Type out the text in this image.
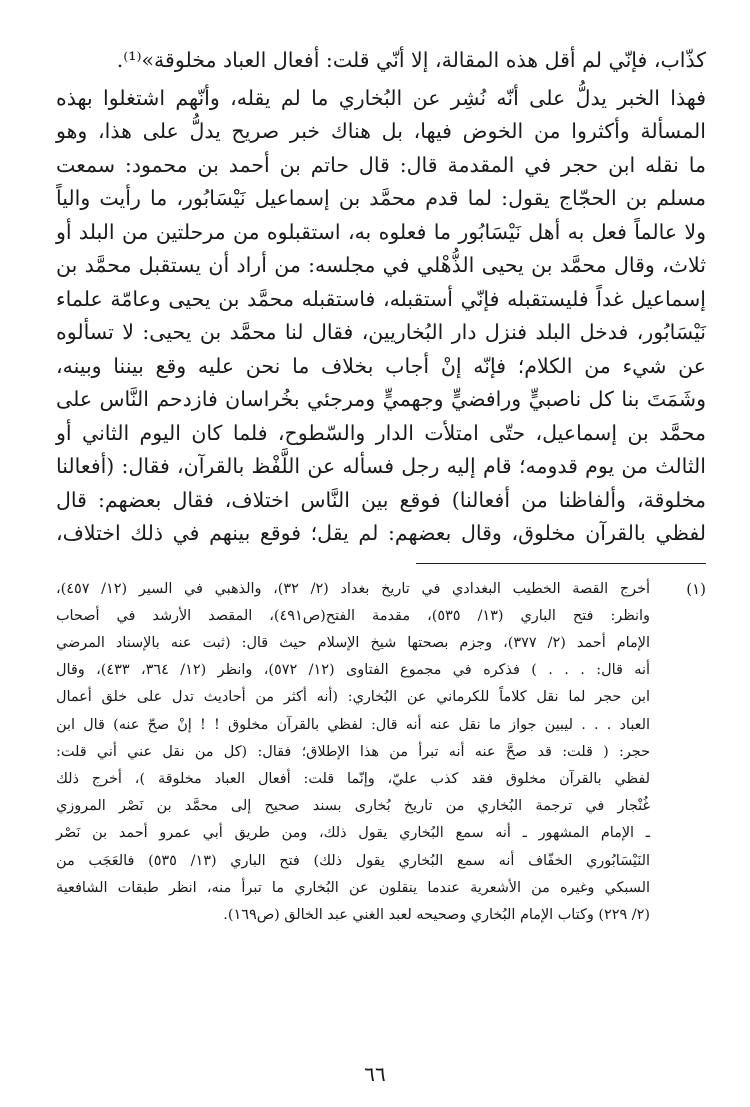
كذّاب، فإنّي لم أقل هذه المقالة، إلا أنّي قلت: أفعال العباد مخلوقة»⁽¹⁾.

فهذا الخبر يدلُّ على أنّه نُشِر عن البُخاري ما لم يقله، وأنّهم اشتغلوا بهذه

المسألة وأكثروا من الخوض فيها، بل هناك خبر صريح يدلُّ على هذا، وهو

ما نقله ابن حجر في المقدمة قال: قال حاتم بن أحمد بن محمود: سمعت

مسلم بن الحجّاج يقول: لما قدم محمَّد بن إسماعيل نَيْسَابُور، ما رأيت والياً

ولا عالماً فعل به أهل نَيْسَابُور ما فعلوه به، استقبلوه من مرحلتين من البلد أو

ثلاث، وقال محمَّد بن يحيى الذُّهْلي في مجلسه: من أراد أن يستقبل محمَّد بن

إسماعيل غداً فليستقبله فإنّي أستقبله، فاستقبله محمَّد بن يحيى وعامّة علماء

نَيْسَابُور، فدخل البلد فنزل دار البُخاريين، فقال لنا محمَّد بن يحيى: لا تسألوه

عن شيء من الكلام؛ فإنّه إنْ أجاب بخلاف ما نحن عليه وقع بيننا وبينه،

وشَمَتَ بنا كل ناصبيٍّ ورافضيٍّ وجهميٍّ ومرجئي بخُراسان فازدحم النَّاس على

محمَّد بن إسماعيل، حتّى امتلأت الدار والسّطوح، فلما كان اليوم الثاني أو

الثالث من يوم قدومه؛ قام إليه رجل فسأله عن اللَّفْظ بالقرآن، فقال: (أفعالنا

مخلوقة، وألفاظنا من أفعالنا) فوقع بين النَّاس اختلاف، فقال بعضهم: قال

لفظي بالقرآن مخلوق، وقال بعضهم: لم يقل؛ فوقع بينهم في ذلك اختلاف،

(١)

أخرج القصة الخطيب البغدادي في تاريخ بغداد (٢/ ٣٢)، والذهبي في السير (١٢/ ٤٥٧)،

وانظر: فتح الباري (١٣/ ٥٣٥)، مقدمة الفتح(ص٤٩١)، المقصد الأرشد في أصحاب

الإمام أحمد (٢/ ٣٧٧)، وجزم بصحتها شيخ الإسلام حيث قال: (ثبت عنه بالإسناد المرضي

أنه قال: . . . ) فذكره في مجموع الفتاوى (١٢/ ٥٧٢)، وانظر (١٢/ ٣٦٤، ٤٣٣)، وقال

ابن حجر لما نقل كلاماً للكرماني عن البُخاري: (أنه أكثر من أحاديث تدل على خلق أعمال

العباد . . . ليبين جواز ما نقل عنه أنه قال: لفظي بالقرآن مخلوق ! ! إنْ صحّ عنه) قال ابن

حجر: ( قلت: قد صحَّ عنه أنه تبرأ من هذا الإطلاق؛ فقال: (كل من نقل عني أني قلت:

لفظي بالقرآن مخلوق فقد كذب عليّ، وإنّما قلت: أفعال العباد مخلوقة )، أخرج ذلك

غُنْجار في ترجمة البُخاري من تاريخ بُخارى بسند صحيح إلى محمَّد بن نَصْر المروزي

ـ الإمام المشهور ـ أنه سمع البُخاري يقول ذلك، ومن طريق أبي عمرو أحمد بن نَصْر

النَيْسَابُوري الخفّاف أنه سمع البُخاري يقول ذلك) فتح الباري (١٣/ ٥٣٥) فالعَجَب من

السبكي وغيره من الأشعرية عندما ينقلون عن البُخاري ما تبرأ منه، انظر طبقات الشافعية

(٢/ ٢٢٩) وكتاب الإمام البُخاري وصحيحه لعبد الغني عبد الخالق (ص١٦٩).

٦٦
